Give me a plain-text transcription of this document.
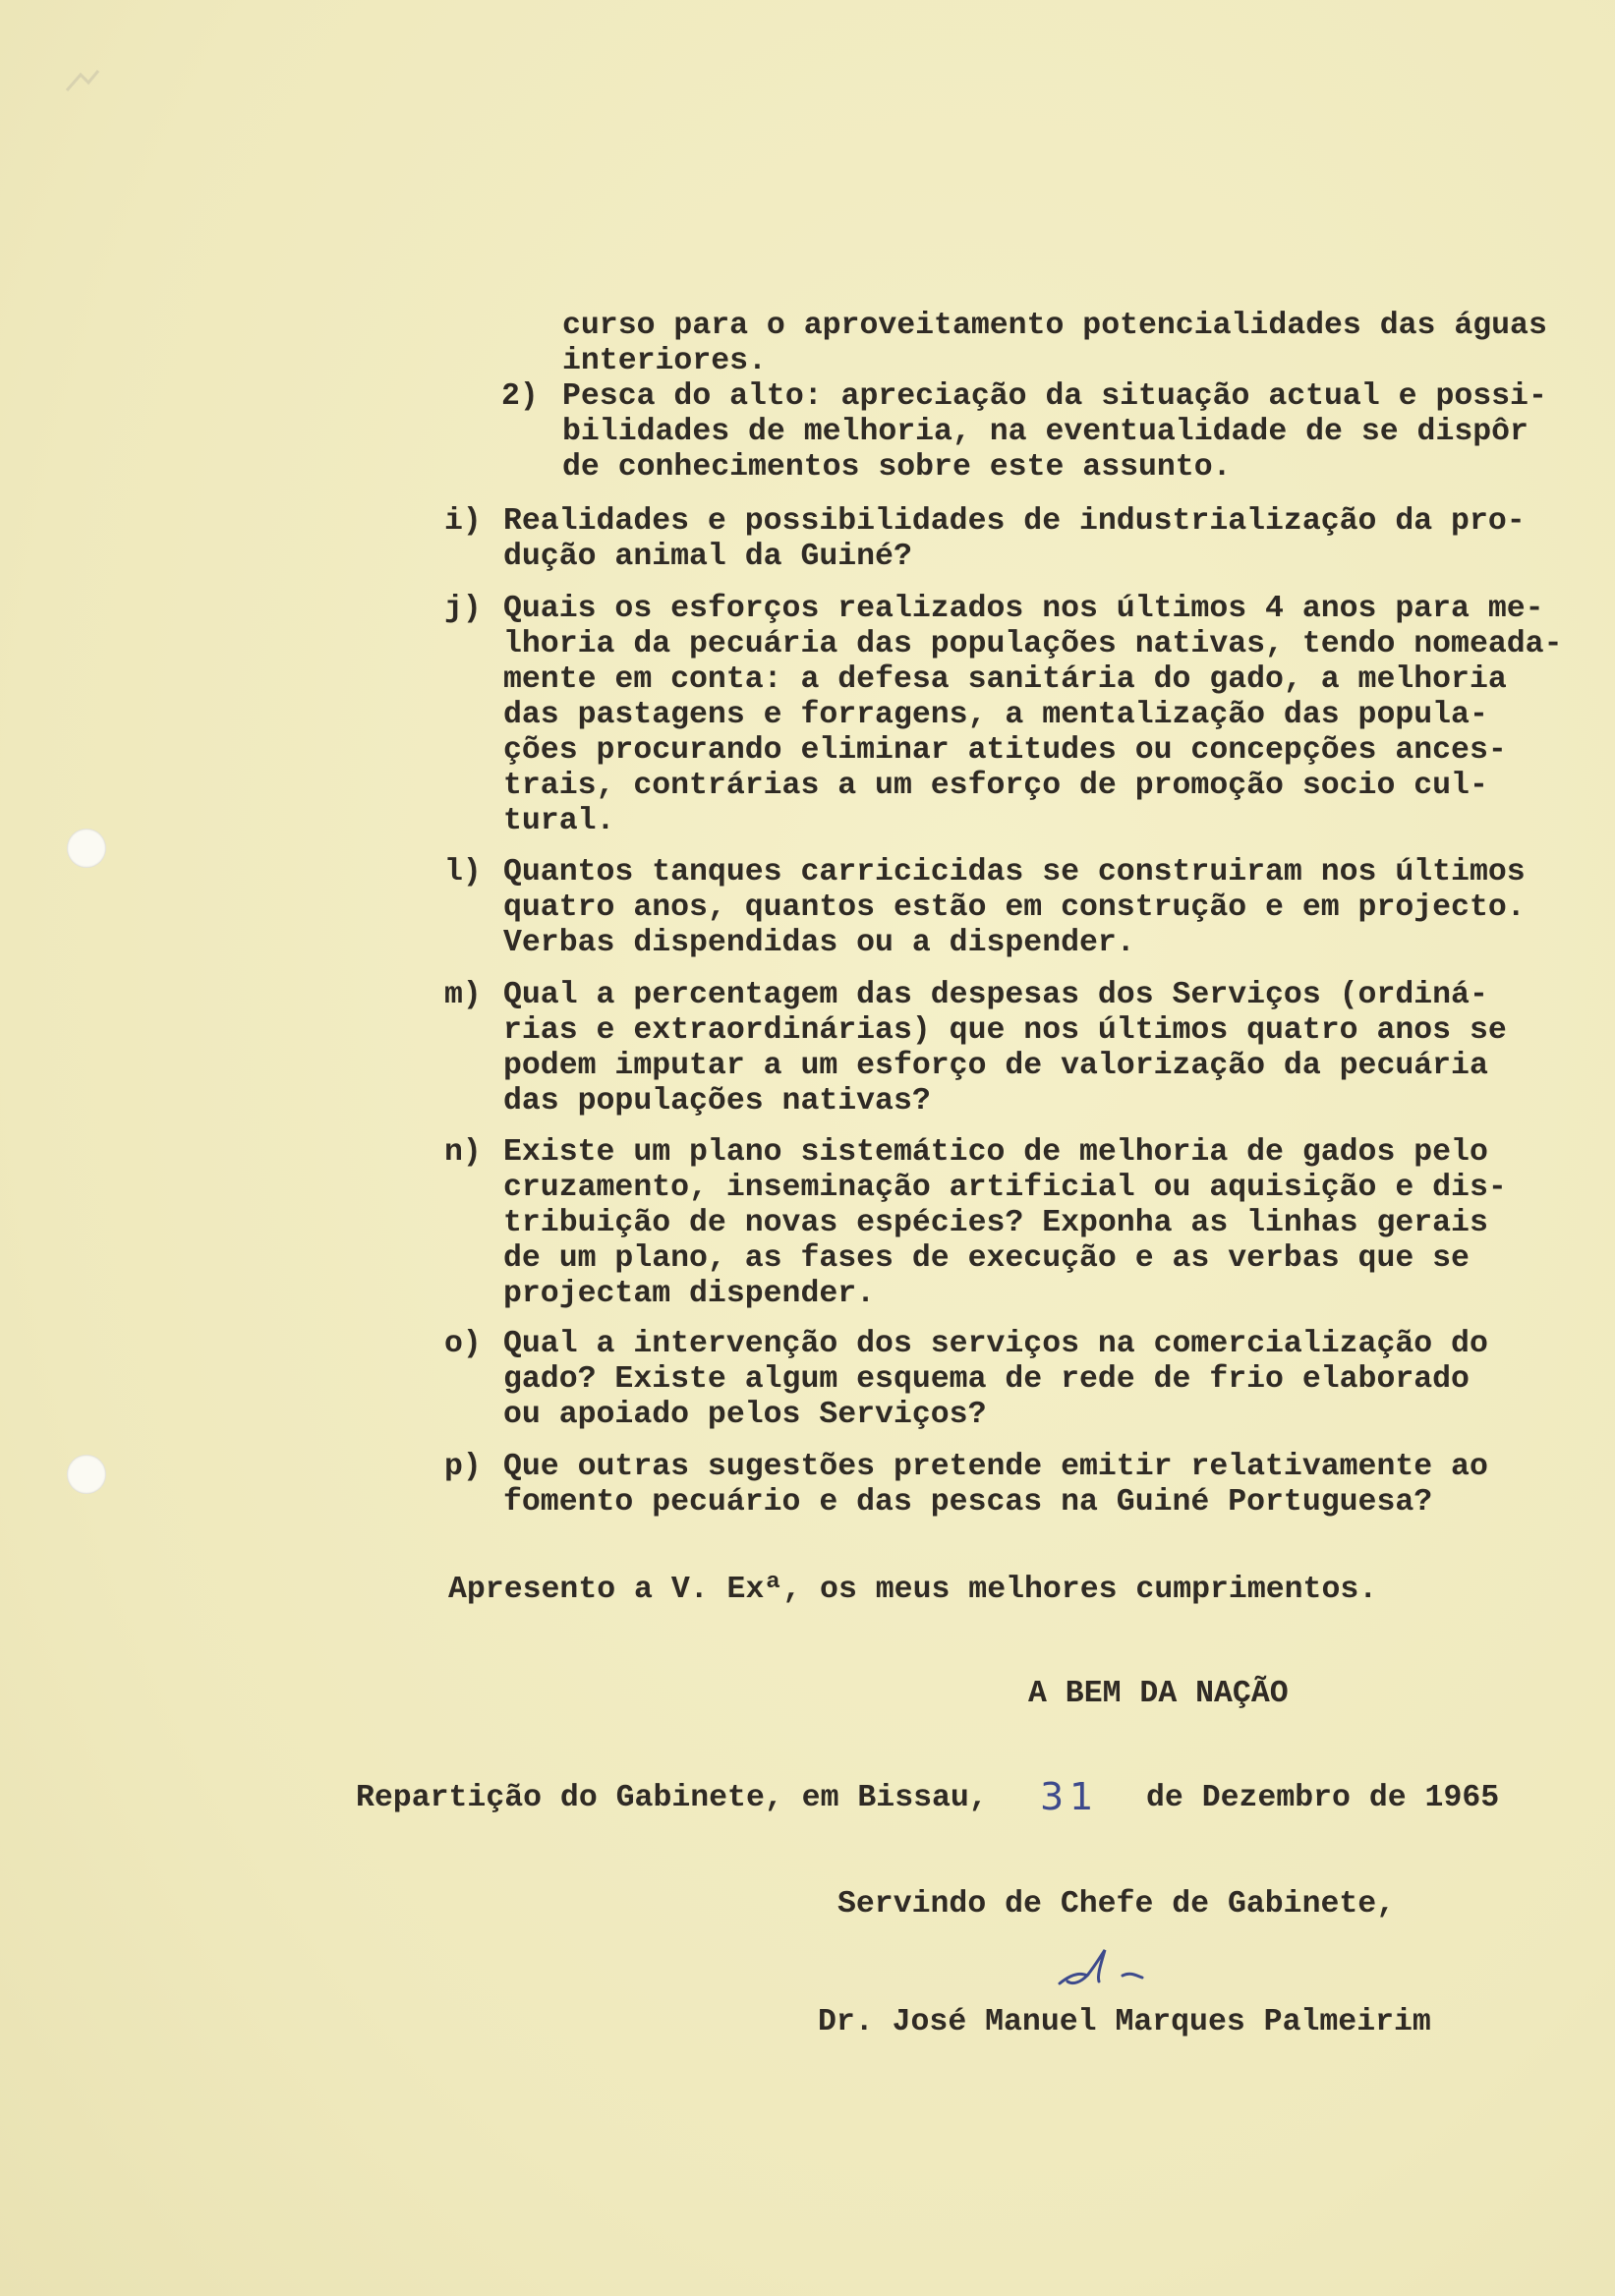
curso para o aproveitamento potencialidades das águas
interiores.
2) Pesca do alto: apreciação da situação actual e possi-
bilidades de melhoria, na eventualidade de se dispôr
de conhecimentos sobre este assunto.
i) Realidades e possibilidades de industrialização da pro-
dução animal da Guiné?
j) Quais os esforços realizados nos últimos 4 anos para me-
lhoria da pecuária das populações nativas, tendo nomeada-
mente em conta: a defesa sanitária do gado, a melhoria
das pastagens e forragens, a mentalização das popula-
ções procurando eliminar atitudes ou concepções ances-
trais, contrárias a um esforço de promoção socio cul-
tural.
l) Quantos tanques carricicidas se construiram nos últimos
quatro anos, quantos estão em construção e em projecto.
Verbas dispendidas ou a dispender.
m) Qual a percentagem das despesas dos Serviços (ordiná-
rias e extraordinárias) que nos últimos quatro anos se
podem imputar a um esforço de valorização da pecuária
das populações nativas?
n) Existe um plano sistemático de melhoria de gados pelo
cruzamento, inseminação artificial ou aquisição e dis-
tribuição de novas espécies? Exponha as linhas gerais
de um plano, as fases de execução e as verbas que se
projectam dispender.
o) Qual a intervenção dos serviços na comercialização do
gado? Existe algum esquema de rede de frio elaborado
ou apoiado pelos Serviços?
p) Que outras sugestões pretende emitir relativamente ao
fomento pecuário e das pescas na Guiné Portuguesa?
Apresento a V. Exª, os meus melhores cumprimentos.
A BEM DA NAÇÃO
Repartição do Gabinete, em Bissau, 31 de Dezembro de 1965
Servindo de Chefe de Gabinete,
Dr. José Manuel Marques Palmeirim
